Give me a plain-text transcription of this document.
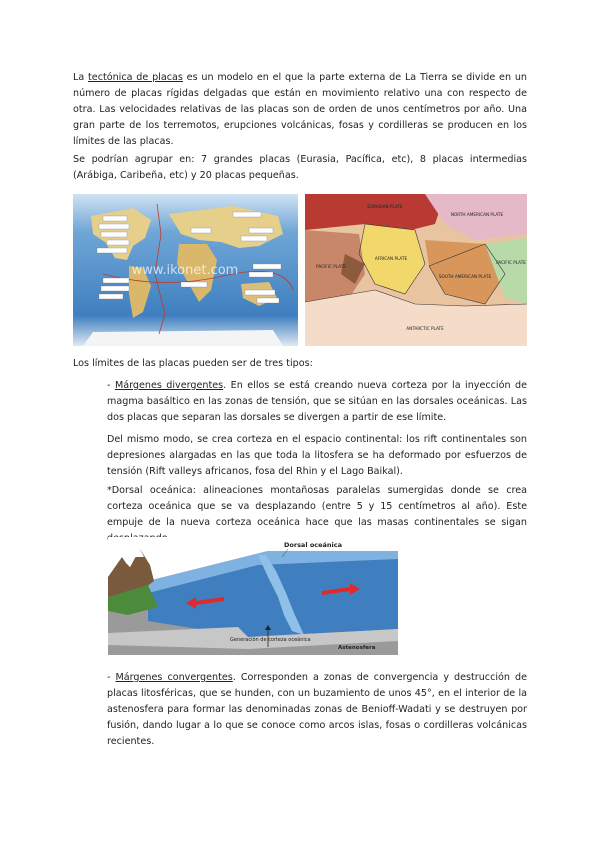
La tectónica de placas es un modelo en el que la parte externa de La Tierra se divide en un número de placas rígidas delgadas que están en movimiento relativo una con respecto de otra. Las velocidades relativas de las placas son de orden de unos centímetros por año. Una gran parte de los terremotos, erupciones volcánicas, fosas y cordilleras se producen en los límites de las placas.

Se podrían agrupar en: 7 grandes placas (Eurasia, Pacífica, etc), 8 placas intermedias (Arábiga, Caribeña, etc) y 20 placas pequeñas.

www.ikonet.com
EURASIAN PLATE
NORTH AMERICAN PLATE
PACIFIC PLATE
SOUTH AMERICAN PLATE
AFRICAN PLATE
ANTARCTIC PLATE
PACIFIC PLATE

Los límites de las placas pueden ser de tres tipos:

- Márgenes divergentes. En ellos se está creando nueva corteza por la inyección de magma basáltico en las zonas de tensión, que se sitúan en las dorsales oceánicas. Las dos placas que separan las dorsales se divergen a partir de ese límite.

Del mismo modo, se crea corteza en el espacio continental: los rift continentales son depresiones alargadas en las que toda la litosfera se ha deformado por esfuerzos de tensión (Rift valleys africanos, fosa del Rhin y el Lago Baikal).

*Dorsal oceánica: alineaciones montañosas paralelas sumergidas donde se crea corteza oceánica que se va desplazando (entre 5 y 15 centímetros al año). Este empuje de la nueva corteza oceánica hace que las masas continentales se sigan

Dorsal oceánica
Generación de corteza oceánica
Astenosfera

- Márgenes convergentes. Corresponden a zonas de convergencia y destrucción de placas litosféricas, que se hunden, con un buzamiento de unos 45°, en el interior de la astenosfera para formar las denominadas zonas de Benioff-Wadati y se destruyen por fusión, dando lugar a lo que se conoce como arcos islas, fosas o cordilleras volcánicas recientes.
